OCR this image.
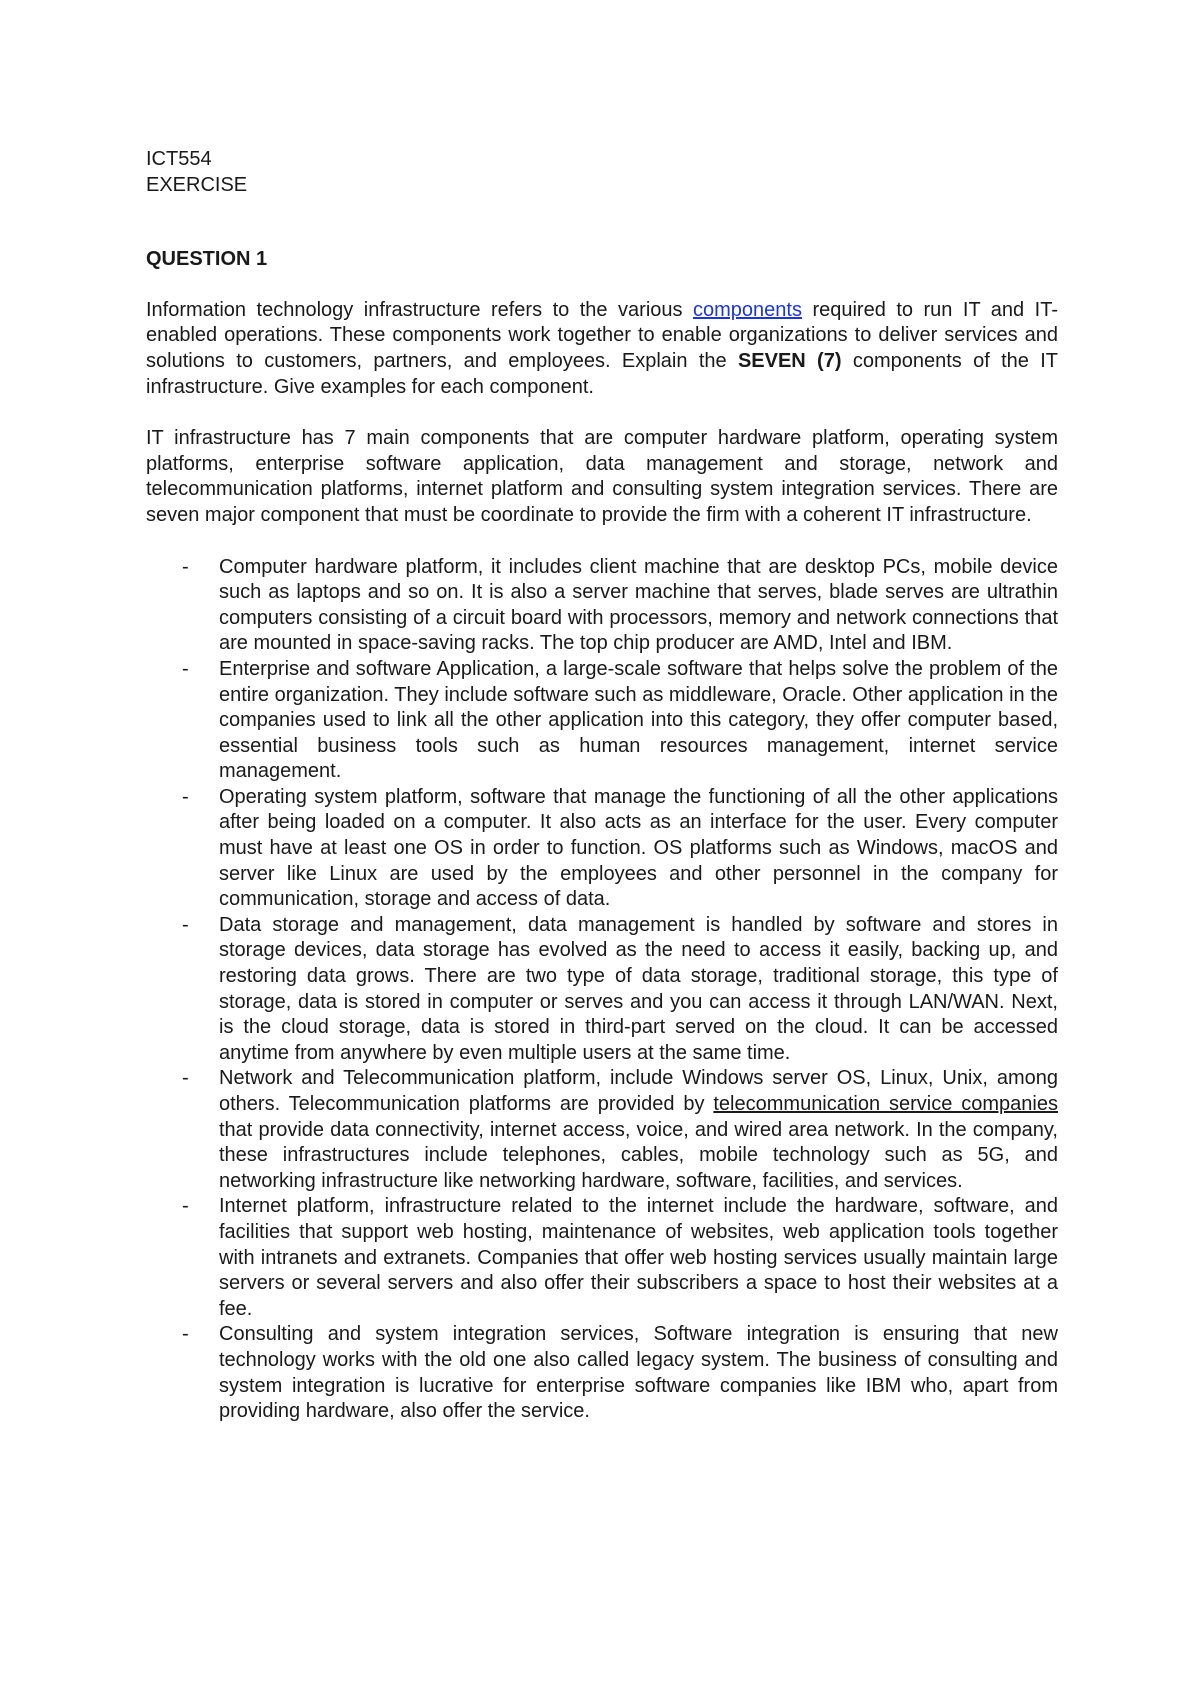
ICT554

EXERCISE

QUESTION 1

Information technology infrastructure refers to the various components required to run IT and IT-enabled operations. These components work together to enable organizations to deliver services and solutions to customers, partners, and employees. Explain the SEVEN (7) components of the IT infrastructure. Give examples for each component.

IT infrastructure has 7 main components that are computer hardware platform, operating system platforms, enterprise software application, data management and storage, network and telecommunication platforms, internet platform and consulting system integration services. There are seven major component that must be coordinate to provide the firm with a coherent IT infrastructure.

- Computer hardware platform, it includes client machine that are desktop PCs, mobile device such as laptops and so on. It is also a server machine that serves, blade serves are ultrathin computers consisting of a circuit board with processors, memory and network connections that are mounted in space-saving racks. The top chip producer are AMD, Intel and IBM.
- Enterprise and software Application, a large-scale software that helps solve the problem of the entire organization. They include software such as middleware, Oracle. Other application in the companies used to link all the other application into this category, they offer computer based, essential business tools such as human resources management, internet service management.
- Operating system platform, software that manage the functioning of all the other applications after being loaded on a computer. It also acts as an interface for the user. Every computer must have at least one OS in order to function. OS platforms such as Windows, macOS and server like Linux are used by the employees and other personnel in the company for communication, storage and access of data.
- Data storage and management, data management is handled by software and stores in storage devices, data storage has evolved as the need to access it easily, backing up, and restoring data grows. There are two type of data storage, traditional storage, this type of storage, data is stored in computer or serves and you can access it through LAN/WAN. Next, is the cloud storage, data is stored in third-part served on the cloud. It can be accessed anytime from anywhere by even multiple users at the same time.
- Network and Telecommunication platform, include Windows server OS, Linux, Unix, among others. Telecommunication platforms are provided by telecommunication service companies that provide data connectivity, internet access, voice, and wired area network. In the company, these infrastructures include telephones, cables, mobile technology such as 5G, and networking infrastructure like networking hardware, software, facilities, and services.
- Internet platform, infrastructure related to the internet include the hardware, software, and facilities that support web hosting, maintenance of websites, web application tools together with intranets and extranets. Companies that offer web hosting services usually maintain large servers or several servers and also offer their subscribers a space to host their websites at a fee.
- Consulting and system integration services, Software integration is ensuring that new technology works with the old one also called legacy system. The business of consulting and system integration is lucrative for enterprise software companies like IBM who, apart from providing hardware, also offer the service.
